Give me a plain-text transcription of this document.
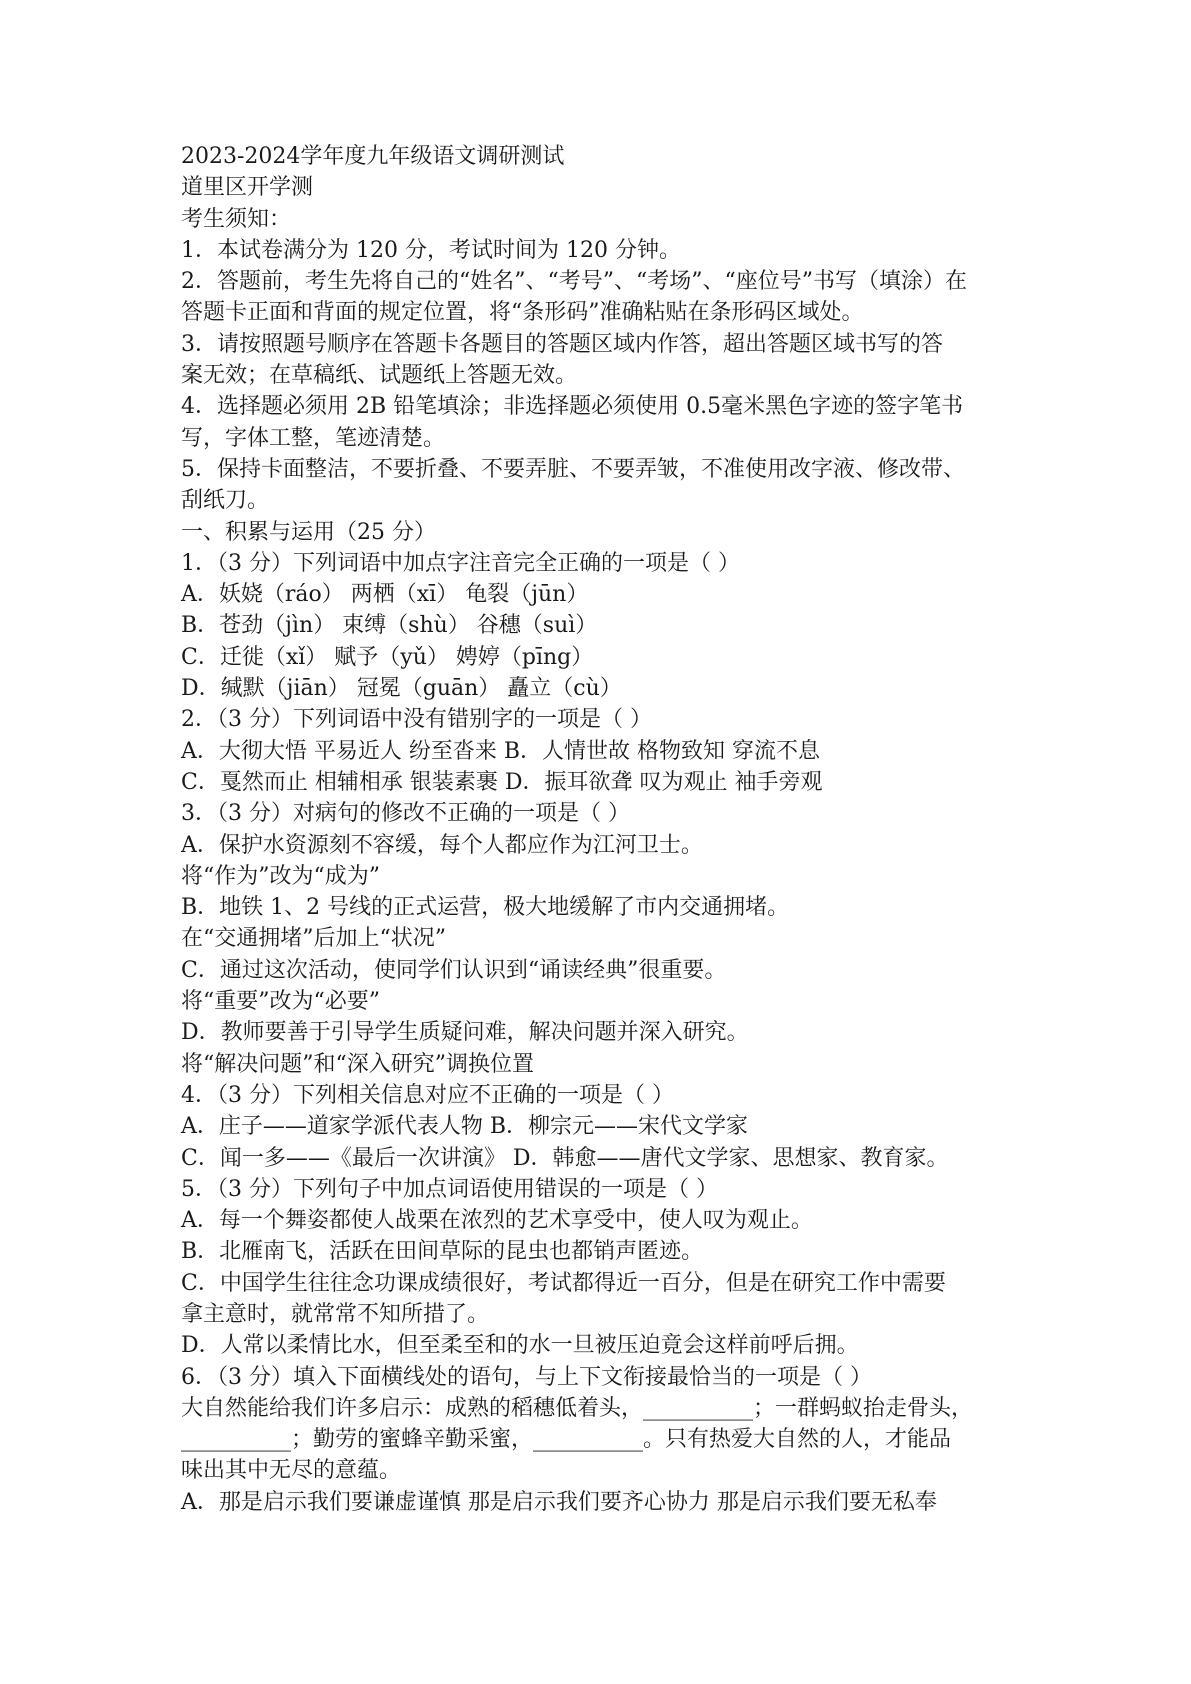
2023-2024学年度九年级语文调研测试
道里区开学测
考生须知：
1．本试卷满分为 120 分，考试时间为 120 分钟。
2．答题前，考生先将自己的“姓名”、“考号”、“考场”、“座位号”书写（填涂）在
答题卡正面和背面的规定位置，将“条形码”准确粘贴在条形码区域处。
3．请按照题号顺序在答题卡各题目的答题区域内作答，超出答题区域书写的答
案无效；在草稿纸、试题纸上答题无效。
4．选择题必须用 2B 铅笔填涂；非选择题必须使用 0.5毫米黑色字迹的签字笔书
写，字体工整，笔迹清楚。
5．保持卡面整洁，不要折叠、不要弄脏、不要弄皱，不准使用改字液、修改带、
刮纸刀。
一、积累与运用（25 分）
1．（3 分）下列词语中加点字注音完全正确的一项是（ ）
A．妖娆（ráo） 两栖（xī） 龟裂（jūn）
B．苍劲（jìn） 束缚（shù） 谷穗（suì）
C．迁徙（xǐ） 赋予（yǔ） 娉婷（pīng）
D．缄默（jiān） 冠冕（guān） 矗立（cù）
2．（3 分）下列词语中没有错别字的一项是（ ）
A．大彻大悟 平易近人 纷至沓来 B．人情世故 格物致知 穿流不息
C．戛然而止 相辅相承 银装素裹 D．振耳欲聋 叹为观止 袖手旁观
3．（3 分）对病句的修改不正确的一项是（ ）
A．保护水资源刻不容缓，每个人都应作为江河卫士。
将“作为”改为“成为”
B．地铁 1、2 号线的正式运营，极大地缓解了市内交通拥堵。
在“交通拥堵”后加上“状况”
C．通过这次活动，使同学们认识到“诵读经典”很重要。
将“重要”改为“必要”
D．教师要善于引导学生质疑问难，解决问题并深入研究。
将“解决问题”和“深入研究”调换位置
4．（3 分）下列相关信息对应不正确的一项是（ ）
A．庄子——道家学派代表人物 B．柳宗元——宋代文学家
C．闻一多——《最后一次讲演》 D．韩愈——唐代文学家、思想家、教育家。
5．（3 分）下列句子中加点词语使用错误的一项是（ ）
A．每一个舞姿都使人战栗在浓烈的艺术享受中，使人叹为观止。
B．北雁南飞，活跃在田间草际的昆虫也都销声匿迹。
C．中国学生往往念功课成绩很好，考试都得近一百分，但是在研究工作中需要
拿主意时，就常常不知所措了。
D．人常以柔情比水，但至柔至和的水一旦被压迫竟会这样前呼后拥。
6．（3 分）填入下面横线处的语句，与上下文衔接最恰当的一项是（ ）
大自然能给我们许多启示：成熟的稻穗低着头，__________；一群蚂蚁抬走骨头，
__________；勤劳的蜜蜂辛勤采蜜，__________。只有热爱大自然的人，才能品
味出其中无尽的意蕴。
A．那是启示我们要谦虚谨慎 那是启示我们要齐心协力 那是启示我们要无私奉
